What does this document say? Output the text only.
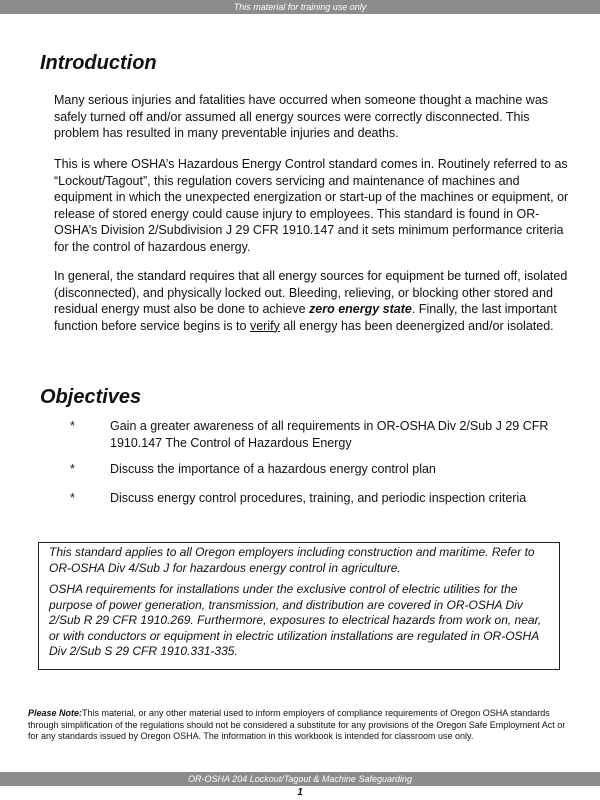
This material for training use only
Introduction

Many serious injuries and fatalities have occurred when someone thought a machine was safely turned off and/or assumed all energy sources were correctly disconnected. This problem has resulted in many preventable injuries and deaths.

This is where OSHA’s Hazardous Energy Control standard comes in. Routinely referred to as “Lockout/Tagout”, this regulation covers servicing and maintenance of machines and equipment in which the unexpected energization or start-up of the machines or equipment, or release of stored energy could cause injury to employees. This standard is found in OR-OSHA’s Division 2/Subdivision J 29 CFR 1910.147 and it sets minimum performance criteria for the control of hazardous energy.

In general, the standard requires that all energy sources for equipment be turned off, isolated (disconnected), and physically locked out. Bleeding, relieving, or blocking other stored and residual energy must also be done to achieve zero energy state. Finally, the last important function before service begins is to verify all energy has been deenergized and/or isolated.

Objectives
*	Gain a greater awareness of all requirements in OR-OSHA Div 2/Sub J 29 CFR 1910.147 The Control of Hazardous Energy
*	Discuss the importance of a hazardous energy control plan
*	Discuss energy control procedures, training, and periodic inspection criteria

This standard applies to all Oregon employers including construction and maritime. Refer to OR-OSHA Div 4/Sub J for hazardous energy control in agriculture.

OSHA requirements for installations under the exclusive control of electric utilities for the purpose of power generation, transmission, and distribution are covered in OR-OSHA Div 2/Sub R 29 CFR 1910.269. Furthermore, exposures to electrical hazards from work on, near, or with conductors or equipment in electric utilization installations are regulated in OR-OSHA Div 2/Sub S 29 CFR 1910.331-335.

Please Note:This material, or any other material used to inform employers of compliance requirements of Oregon OSHA standards through simplification of the regulations should not be considered a substitute for any provisions of the Oregon Safe Employment Act or for any standards issued by Oregon OSHA. The information in this workbook is intended for classroom use only.

OR-OSHA 204 Lockout/Tagout & Machine Safeguarding
1
